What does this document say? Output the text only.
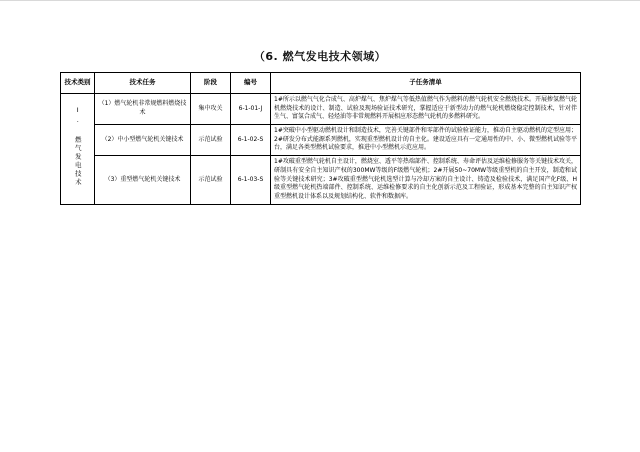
（6. 燃气发电技术领域）
技术类别	技术任务	阶段	编号	子任务清单
Ⅰ. 燃气发电技术	（1）燃气轮机非常规燃料燃烧技术	集中攻关	6-1-01-J	1#所示以燃气气化合成气、高炉煤气、焦炉煤气等低热值燃气作为燃料的燃气轮机安全燃烧技术。开展掺氢燃气轮机燃烧技术的设计、制造、试验及现场验证技术研究，掌握适应于新型动力的燃气轮机燃烧稳定控制技术，针对伴生气、富氢合成气、轻烃油等非常规燃料开展相应形态燃气轮机的多燃料研究。
	（2）中小型燃气轮机关键技术	示范试验	6-1-02-S	1#突破中小型驱动燃机设计和制造技术，完善关键部件和零部件的试验验证能力，推动自主驱动燃机的定型应用；2#研发分布式能源系列燃机，实现重型燃机设计的自主化。建设适应具有一定通用性的中、小、微型燃机试验等平台，满足各类型燃机试验要求，推进中小型燃机示范应用。
	（3）重型燃气轮机关键技术	示范试验	6-1-03-S	1#攻破重型燃气轮机自主设计，燃烧室、透平等热端部件、控制系统、寿命评估及运维检修服务等关键技术攻关，研制具有安全自主知识产权的300MW等级的F级燃气轮机；2#开展50~70MW等级重型机的自主开发，制造和试验等关键技术研究；3#攻破重型燃气轮机选型计算与冷却方案的自主设计、铸造及检验技术，满足国产化F级、H级重型燃气轮机热端部件、控制系统、运维检修要求的自主化创新示范及工程验证，形成基本完整的自主知识产权重型燃机设计体系以及规划结构化、软件和数据库。
